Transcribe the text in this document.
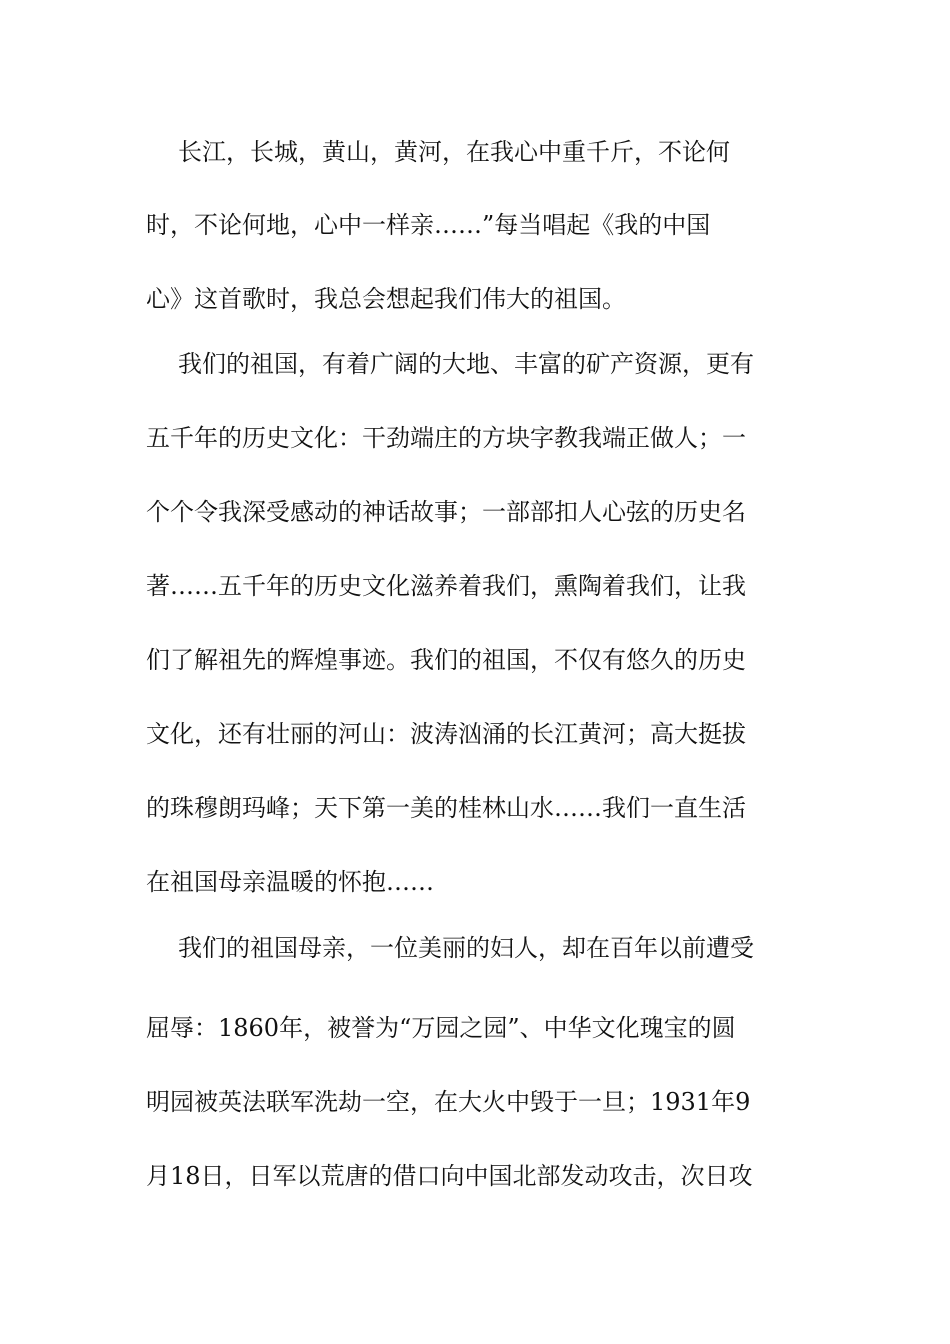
长江，长城，黄山，黄河，在我心中重千斤，不论何

时，不论何地，心中一样亲……”每当唱起《我的中国

心》这首歌时，我总会想起我们伟大的祖国。

我们的祖国，有着广阔的大地、丰富的矿产资源，更有

五千年的历史文化：干劲端庄的方块字教我端正做人；一

个个令我深受感动的神话故事；一部部扣人心弦的历史名

著……五千年的历史文化滋养着我们，熏陶着我们，让我

们了解祖先的辉煌事迹。我们的祖国，不仅有悠久的历史

文化，还有壮丽的河山：波涛汹涌的长江黄河；高大挺拔

的珠穆朗玛峰；天下第一美的桂林山水……我们一直生活

在祖国母亲温暖的怀抱……

我们的祖国母亲，一位美丽的妇人，却在百年以前遭受

屈辱：1860年，被誉为“万园之园”、中华文化瑰宝的圆

明园被英法联军洗劫一空，在大火中毁于一旦；1931年9

月18日，日军以荒唐的借口向中国北部发动攻击，次日攻
